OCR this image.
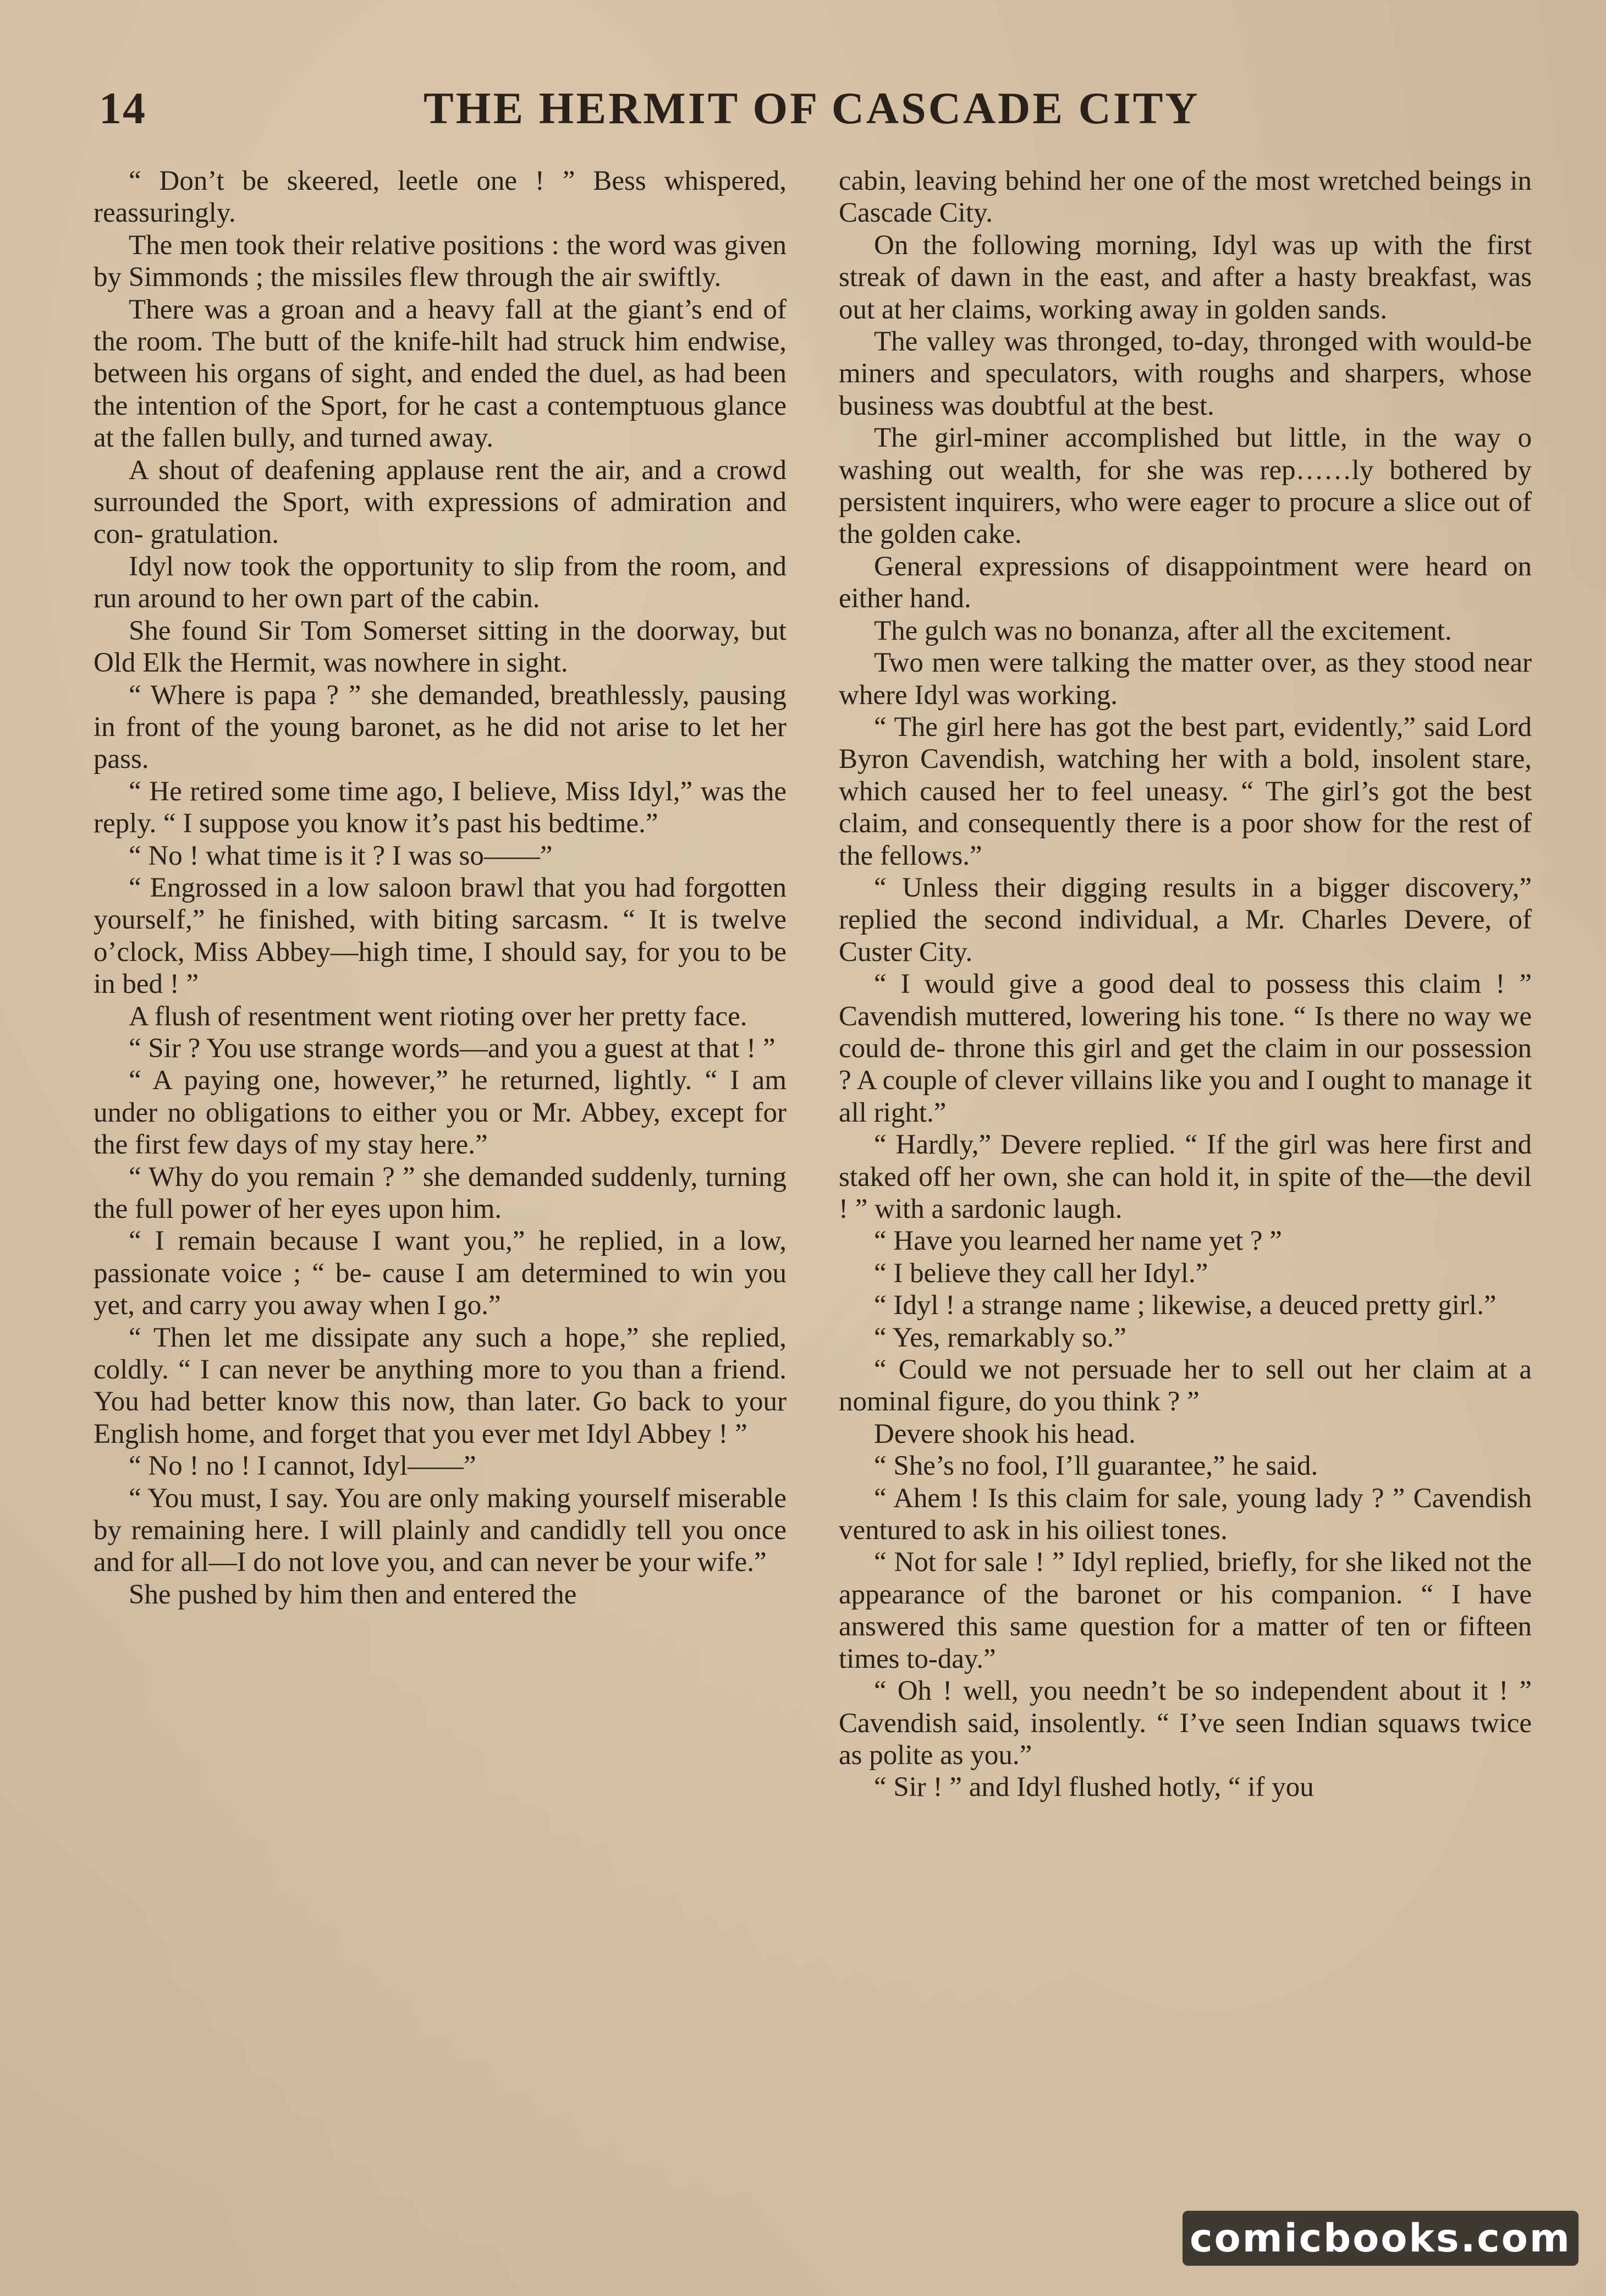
14	THE HERMIT OF CASCADE CITY

“ Don’t be skeered, leetle one ! ” Bess whispered, reassuringly.

The men took their relative positions : the word was given by Simmonds ; the missiles flew through the air swiftly.

There was a groan and a heavy fall at the giant’s end of the room. The butt of the knife-hilt had struck him endwise, between his organs of sight, and ended the duel, as had been the intention of the Sport, for he cast a contemptuous glance at the fallen bully, and turned away.

A shout of deafening applause rent the air, and a crowd surrounded the Sport, with expressions of admiration and con- gratulation.

Idyl now took the opportunity to slip from the room, and run around to her own part of the cabin.

She found Sir Tom Somerset sitting in the doorway, but Old Elk the Hermit, was nowhere in sight.

“ Where is papa ? ” she demanded, breathlessly, pausing in front of the young baronet, as he did not arise to let her pass.

“ He retired some time ago, I believe, Miss Idyl,” was the reply. “ I suppose you know it’s past his bedtime.”

“ No ! what time is it ? I was so——”

“ Engrossed in a low saloon brawl that you had forgotten yourself,” he finished, with biting sarcasm. “ It is twelve o’clock, Miss Abbey—high time, I should say, for you to be in bed ! ”

A flush of resentment went rioting over her pretty face.

“ Sir ? You use strange words—and you a guest at that ! ”

“ A paying one, however,” he returned, lightly. “ I am under no obligations to either you or Mr. Abbey, except for the first few days of my stay here.”

“ Why do you remain ? ” she demanded suddenly, turning the full power of her eyes upon him.

“ I remain because I want you,” he replied, in a low, passionate voice ; “ be- cause I am determined to win you yet, and carry you away when I go.”

“ Then let me dissipate any such a hope,” she replied, coldly. “ I can never be anything more to you than a friend. You had better know this now, than later. Go back to your English home, and forget that you ever met Idyl Abbey ! ”

“ No ! no ! I cannot, Idyl——”

“ You must, I say. You are only making yourself miserable by remaining here. I will plainly and candidly tell you once and for all—I do not love you, and can never be your wife.”

She pushed by him then and entered the

cabin, leaving behind her one of the most wretched beings in Cascade City.

On the following morning, Idyl was up with the first streak of dawn in the east, and after a hasty breakfast, was out at her claims, working away in golden sands.

The valley was thronged, to-day, thronged with would-be miners and speculators, with roughs and sharpers, whose business was doubtful at the best.

The girl-miner accomplished but little, in the way o washing out wealth, for she was rep……ly bothered by persistent inquirers, who were eager to procure a slice out of the golden cake.

General expressions of disappointment were heard on either hand.

The gulch was no bonanza, after all the excitement.

Two men were talking the matter over, as they stood near where Idyl was working.

“ The girl here has got the best part, evidently,” said Lord Byron Cavendish, watching her with a bold, insolent stare, which caused her to feel uneasy. “ The girl’s got the best claim, and consequently there is a poor show for the rest of the fellows.”

“ Unless their digging results in a bigger discovery,” replied the second individual, a Mr. Charles Devere, of Custer City.

“ I would give a good deal to possess this claim ! ” Cavendish muttered, lowering his tone. “ Is there no way we could de- throne this girl and get the claim in our possession ? A couple of clever villains like you and I ought to manage it all right.”

“ Hardly,” Devere replied. “ If the girl was here first and staked off her own, she can hold it, in spite of the—the devil ! ” with a sardonic laugh.

“ Have you learned her name yet ? ”

“ I believe they call her Idyl.”

“ Idyl ! a strange name ; likewise, a deuced pretty girl.”

“ Yes, remarkably so.”

“ Could we not persuade her to sell out her claim at a nominal figure, do you think ? ”

Devere shook his head.

“ She’s no fool, I’ll guarantee,” he said.

“ Ahem ! Is this claim for sale, young lady ? ” Cavendish ventured to ask in his oiliest tones.

“ Not for sale ! ” Idyl replied, briefly, for she liked not the appearance of the baronet or his companion. “ I have answered this same question for a matter of ten or fifteen times to-day.”

“ Oh ! well, you needn’t be so independent about it ! ” Cavendish said, insolently. “ I’ve seen Indian squaws twice as polite as you.”

“ Sir ! ” and Idyl flushed hotly, “ if you

comicbooks.com
